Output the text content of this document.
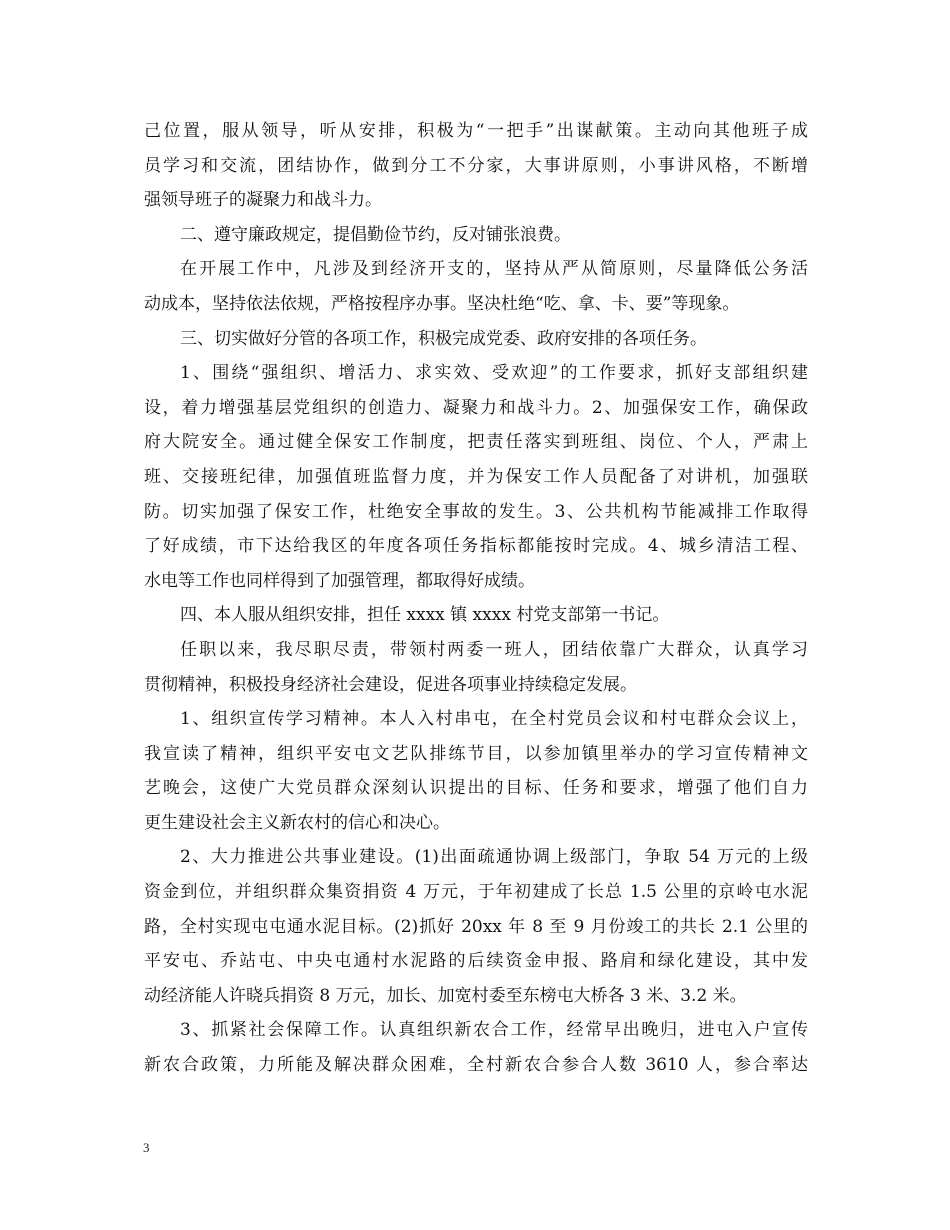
己位置，服从领导，听从安排，积极为“一把手”出谋献策。主动向其他班子成
员学习和交流，团结协作，做到分工不分家，大事讲原则，小事讲风格，不断增
强领导班子的凝聚力和战斗力。
二、遵守廉政规定，提倡勤俭节约，反对铺张浪费。
在开展工作中，凡涉及到经济开支的，坚持从严从简原则，尽量降低公务活
动成本，坚持依法依规，严格按程序办事。坚决杜绝“吃、拿、卡、要”等现象。
三、切实做好分管的各项工作，积极完成党委、政府安排的各项任务。
1、围绕“强组织、增活力、求实效、受欢迎”的工作要求，抓好支部组织建
设，着力增强基层党组织的创造力、凝聚力和战斗力。2、加强保安工作，确保政
府大院安全。通过健全保安工作制度，把责任落实到班组、岗位、个人，严肃上
班、交接班纪律，加强值班监督力度，并为保安工作人员配备了对讲机，加强联
防。切实加强了保安工作，杜绝安全事故的发生。3、公共机构节能减排工作取得
了好成绩，市下达给我区的年度各项任务指标都能按时完成。4、城乡清洁工程、
水电等工作也同样得到了加强管理，都取得好成绩。
四、本人服从组织安排，担任 xxxx 镇 xxxx 村党支部第一书记。
任职以来，我尽职尽责，带领村两委一班人，团结依靠广大群众，认真学习
贯彻精神，积极投身经济社会建设，促进各项事业持续稳定发展。
1、组织宣传学习精神。本人入村串屯，在全村党员会议和村屯群众会议上，
我宣读了精神，组织平安屯文艺队排练节目，以参加镇里举办的学习宣传精神文
艺晚会，这使广大党员群众深刻认识提出的目标、任务和要求，增强了他们自力
更生建设社会主义新农村的信心和决心。
2、大力推进公共事业建设。(1)出面疏通协调上级部门，争取 54 万元的上级
资金到位，并组织群众集资捐资 4 万元，于年初建成了长总 1.5 公里的京岭屯水泥
路，全村实现屯屯通水泥目标。(2)抓好 20xx 年 8 至 9 月份竣工的共长 2.1 公里的
平安屯、乔站屯、中央屯通村水泥路的后续资金申报、路肩和绿化建设，其中发
动经济能人许晓兵捐资 8 万元，加长、加宽村委至东榜屯大桥各 3 米、3.2 米。
3、抓紧社会保障工作。认真组织新农合工作，经常早出晚归，进屯入户宣传
新农合政策，力所能及解决群众困难，全村新农合参合人数 3610 人，参合率达
3
